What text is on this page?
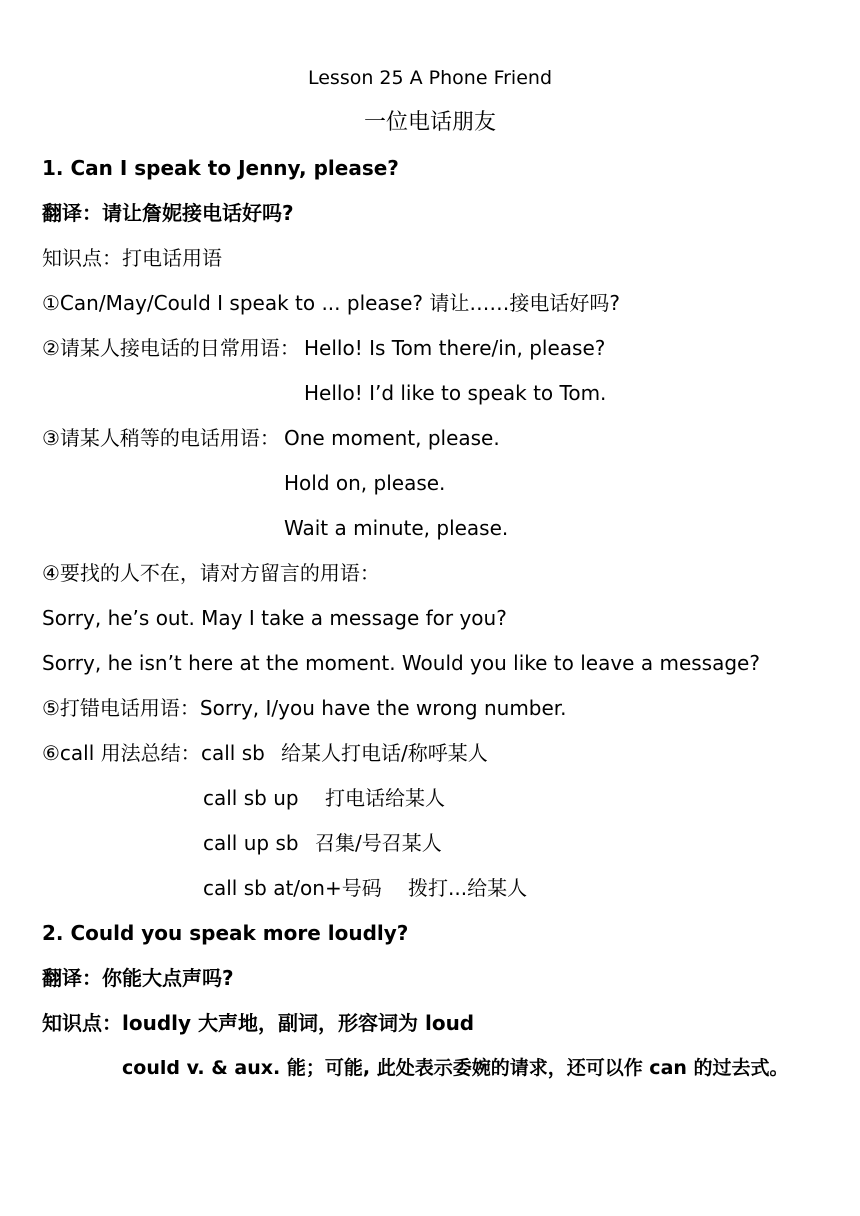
Lesson 25 A Phone Friend
一位电话朋友
1. Can I speak to Jenny, please?
翻译：请让詹妮接电话好吗?
知识点：打电话用语
①Can/May/Could I speak to ... please? 请让……接电话好吗?
②请某人接电话的日常用语： Hello! Is Tom there/in, please?
Hello! I’d like to speak to Tom.
③请某人稍等的电话用语： One moment, please.
Hold on, please.
Wait a minute, please.
④要找的人不在，请对方留言的用语：
Sorry, he’s out. May I take a message for you?
Sorry, he isn’t here at the moment. Would you like to leave a message?
⑤打错电话用语：Sorry, I/you have the wrong number.
⑥call 用法总结： call sb 给某人打电话/称呼某人
call sb up 打电话给某人
call up sb 召集/号召某人
call sb at/on+号码 拨打...给某人
2. Could you speak more loudly?
翻译：你能大点声吗?
知识点：loudly 大声地，副词，形容词为 loud
could v. & aux. 能；可能, 此处表示委婉的请求，还可以作 can 的过去式。
